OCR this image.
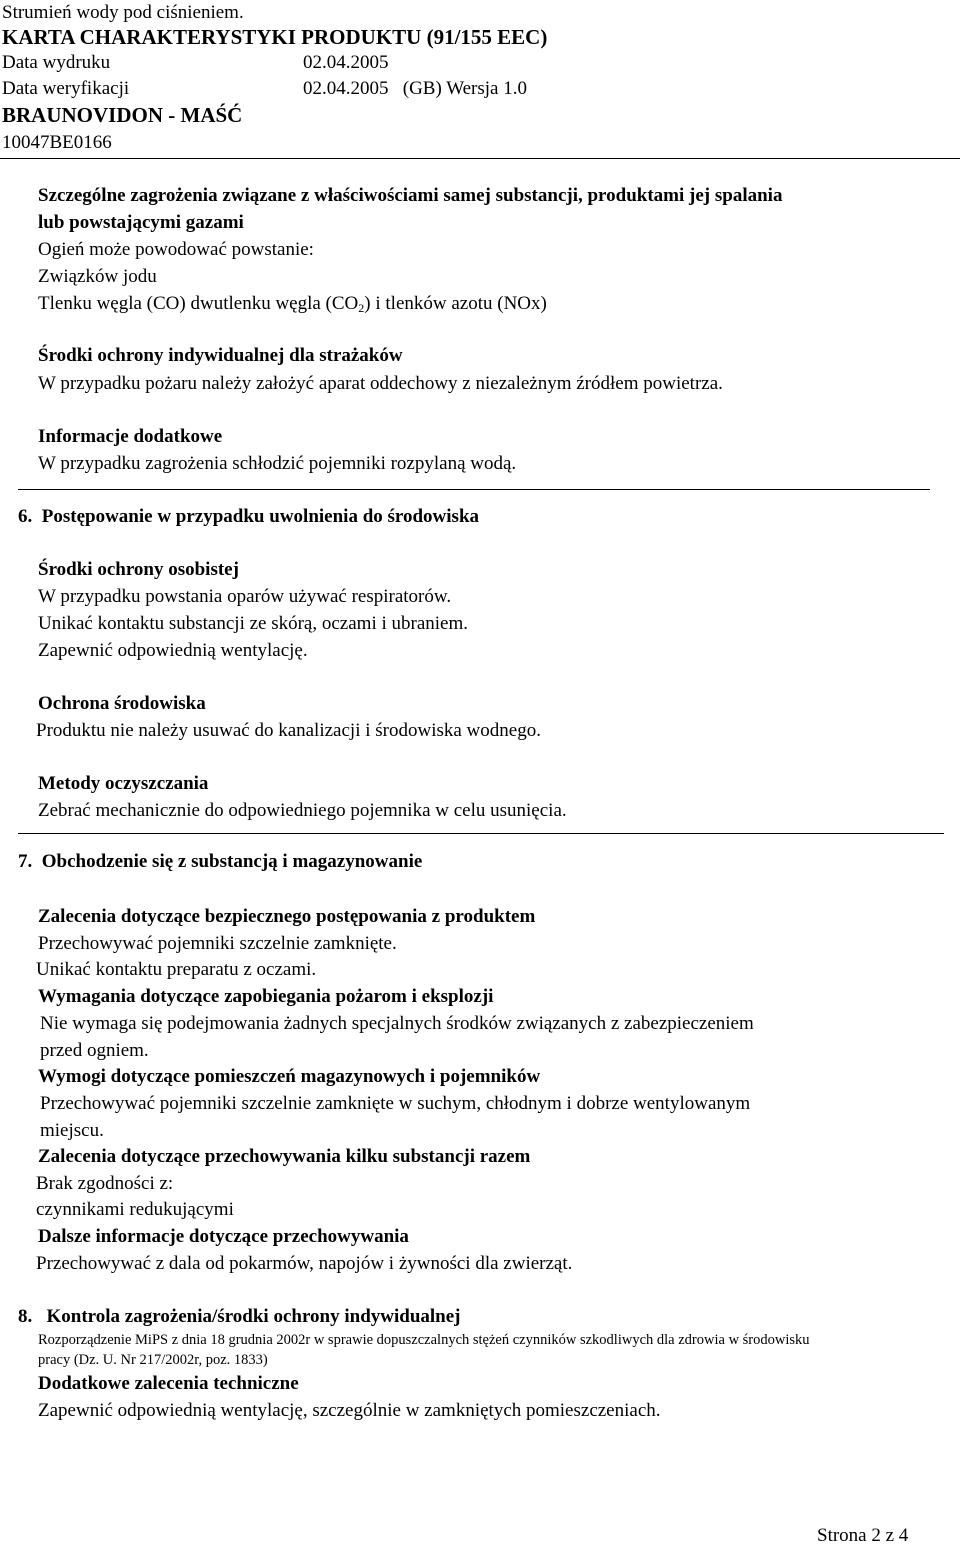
Strumień wody pod ciśnieniem.
KARTA CHARAKTERYSTYKI PRODUKTU (91/155 EEC)
Data wydruku	02.04.2005
Data weryfikacji	02.04.2005 (GB) Wersja 1.0
BRAUNOVIDON - MAŚĆ
10047BE0166
Szczególne zagrożenia związane z właściwościami samej substancji, produktami jej spalania
lub powstającymi gazami
Ogień może powodować powstanie:
Związków jodu
Tlenku węgla (CO) dwutlenku węgla $(CO_2)$ i tlenków azotu (NOx)
Środki ochrony indywidualnej dla strażaków
W przypadku pożaru należy założyć aparat oddechowy z niezależnym źródłem powietrza.
Informacje dodatkowe
W przypadku zagrożenia schłodzić pojemniki rozpylaną wodą.
6. Postępowanie w przypadku uwolnienia do środowiska
Środki ochrony osobistej
W przypadku powstania oparów używać respiratorów.
Unikać kontaktu substancji ze skórą, oczami i ubraniem.
Zapewnić odpowiednią wentylację.
Ochrona środowiska
Produktu nie należy usuwać do kanalizacji i środowiska wodnego.
Metody oczyszczania
Zebrać mechanicznie do odpowiedniego pojemnika w celu usunięcia.
7. Obchodzenie się z substancją i magazynowanie
Zalecenia dotyczące bezpiecznego postępowania z produktem
Przechowywać pojemniki szczelnie zamknięte.
Unikać kontaktu preparatu z oczami.
Wymagania dotyczące zapobiegania pożarom i eksplozji
Nie wymaga się podejmowania żadnych specjalnych środków związanych z zabezpieczeniem
przed ogniem.
Wymogi dotyczące pomieszczeń magazynowych i pojemników
Przechowywać pojemniki szczelnie zamknięte w suchym, chłodnym i dobrze wentylowanym
miejscu.
Zalecenia dotyczące przechowywania kilku substancji razem
Brak zgodności z:
czynnikami redukującymi
Dalsze informacje dotyczące przechowywania
Przechowywać z dala od pokarmów, napojów i żywności dla zwierząt.
8. Kontrola zagrożenia/środki ochrony indywidualnej
Rozporządzenie MiPS z dnia 18 grudnia 2002r w sprawie dopuszczalnych stężeń czynników szkodliwych dla zdrowia w środowisku
pracy (Dz. U. Nr 217/2002r, poz. 1833)
Dodatkowe zalecenia techniczne
Zapewnić odpowiednią wentylację, szczególnie w zamkniętych pomieszczeniach.
Strona 2 z 4
